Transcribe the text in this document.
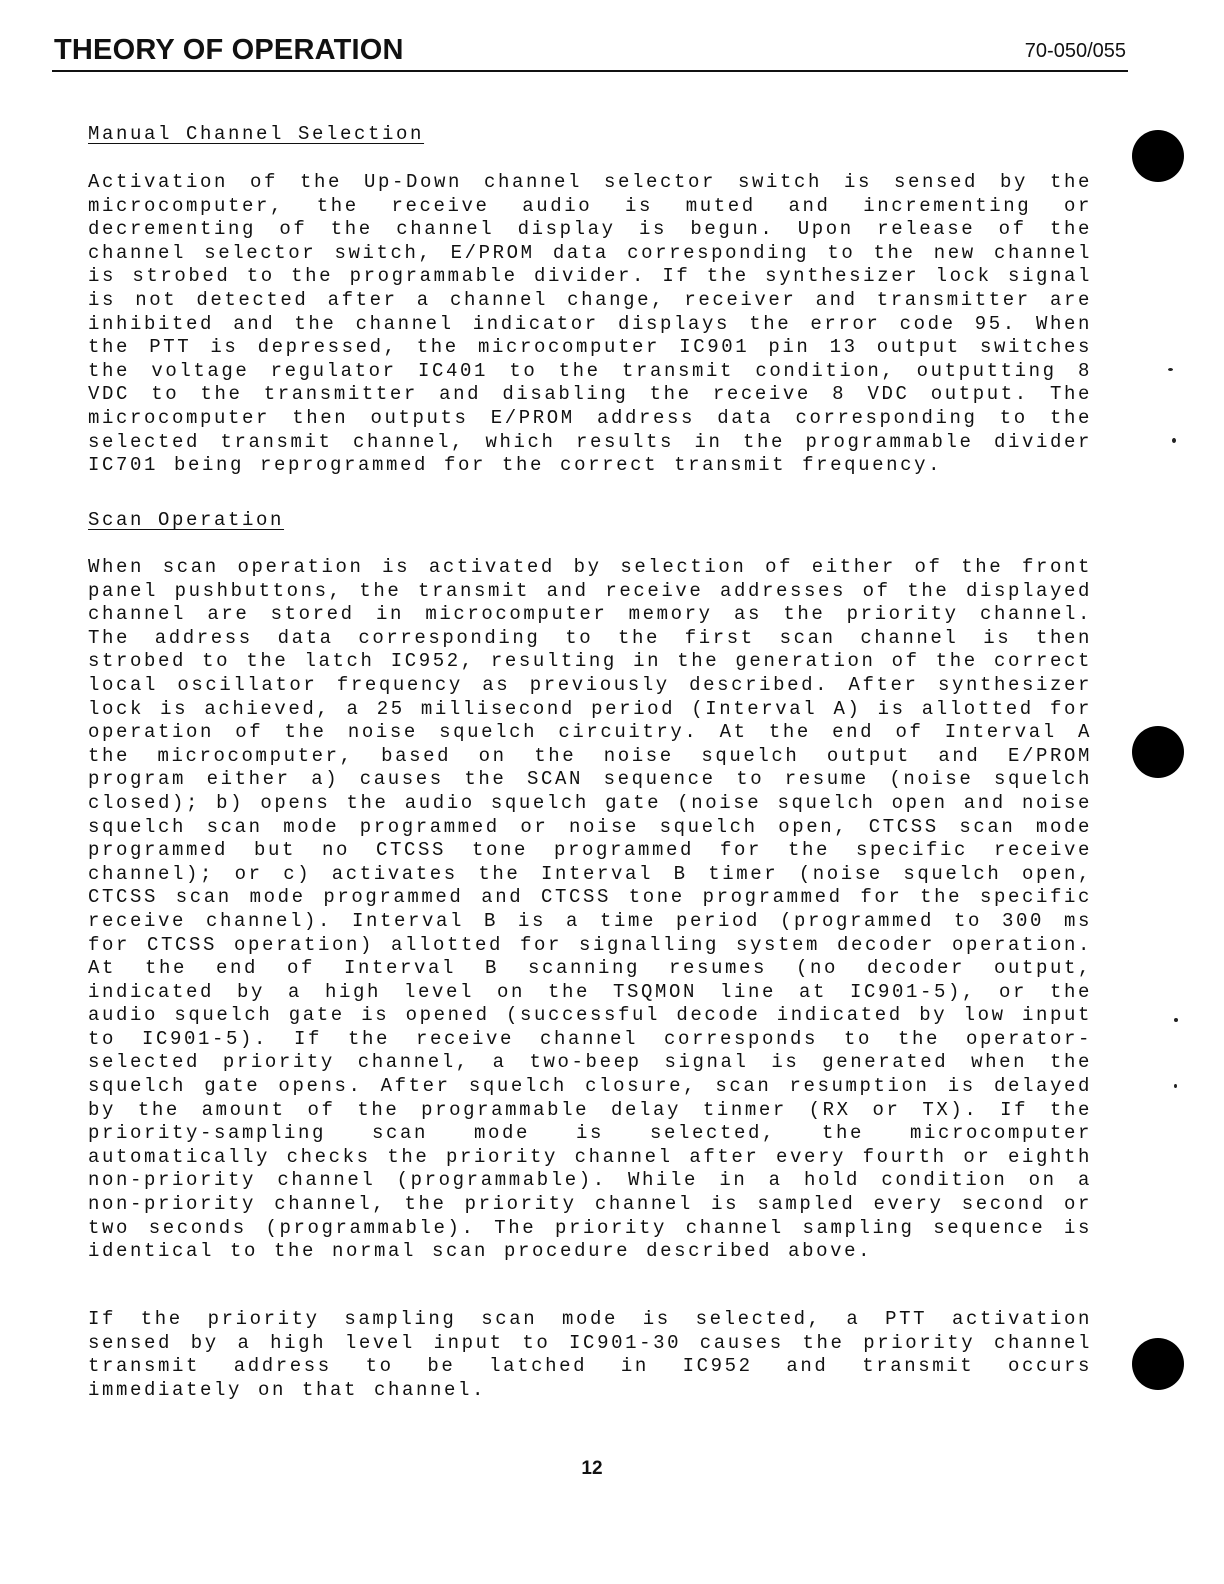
THEORY OF OPERATION	70-050/055
Manual Channel Selection

Activation of the Up-Down channel selector switch is sensed by the microcomputer, the receive audio is muted and incrementing or decrementing of the channel display is begun. Upon release of the channel selector switch, E/PROM data corresponding to the new channel is strobed to the programmable divider. If the synthesizer lock signal is not detected after a channel change, receiver and transmitter are inhibited and the channel indicator displays the error code 95. When the PTT is depressed, the microcomputer IC901 pin 13 output switches the voltage regulator IC401 to the transmit condition, outputting 8 VDC to the transmitter and disabling the receive 8 VDC output. The microcomputer then outputs E/PROM address data corresponding to the selected transmit channel, which results in the programmable divider IC701 being reprogrammed for the correct transmit frequency.

Scan Operation

When scan operation is activated by selection of either of the front panel pushbuttons, the transmit and receive addresses of the displayed channel are stored in microcomputer memory as the priority channel. The address data corresponding to the first scan channel is then strobed to the latch IC952, resulting in the generation of the correct local oscillator frequency as previously described. After synthesizer lock is achieved, a 25 millisecond period (Interval A) is allotted for operation of the noise squelch circuitry. At the end of Interval A the microcomputer, based on the noise squelch output and E/PROM program either a) causes the SCAN sequence to resume (noise squelch closed); b) opens the audio squelch gate (noise squelch open and noise squelch scan mode programmed or noise squelch open, CTCSS scan mode programmed but no CTCSS tone programmed for the specific receive channel); or c) activates the Interval B timer (noise squelch open, CTCSS scan mode programmed and CTCSS tone programmed for the specific receive channel). Interval B is a time period (programmed to 300 ms for CTCSS operation) allotted for signalling system decoder operation. At the end of Interval B scanning resumes (no decoder output, indicated by a high level on the TSQMON line at IC901-5), or the audio squelch gate is opened (successful decode indicated by low input to IC901-5). If the receive channel corresponds to the operator-selected priority channel, a two-beep signal is generated when the squelch gate opens. After squelch closure, scan resumption is delayed by the amount of the programmable delay tinmer (RX or TX). If the priority-sampling scan mode is selected, the microcomputer automatically checks the priority channel after every fourth or eighth non-priority channel (programmable). While in a hold condition on a non-priority channel, the priority channel is sampled every second or two seconds (programmable). The priority channel sampling sequence is identical to the normal scan procedure described above.

If the priority sampling scan mode is selected, a PTT activation sensed by a high level input to IC901-30 causes the priority channel transmit address to be latched in IC952 and transmit occurs immediately on that channel.

12
